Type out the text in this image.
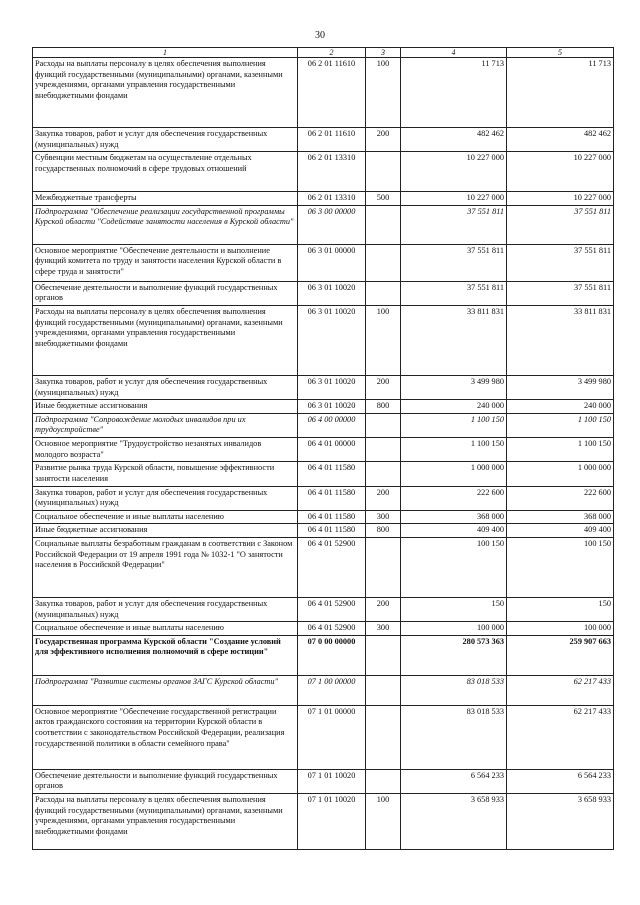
30
1	2	3	4	5
Расходы на выплаты персоналу в целях обеспечения выполнения функций государственными (муниципальными) органами, казенными учреждениями, органами управления государственными внебюджетными фондами	06 2 01 11610	100	11 713	11 713
Закупка товаров, работ и услуг для обеспечения государственных (муниципальных) нужд	06 2 01 11610	200	482 462	482 462
Субвенции местным бюджетам на осуществление отдельных государственных полномочий в сфере трудовых отношений	06 2 01 13310		10 227 000	10 227 000
Межбюджетные трансферты	06 2 01 13310	500	10 227 000	10 227 000
Подпрограмма "Обеспечение реализации государственной программы Курской области "Содействие занятости населения в Курской области"	06 3 00 00000		37 551 811	37 551 811
Основное мероприятие "Обеспечение деятельности и выполнение функций комитета по труду и занятости населения Курской области в сфере труда и занятости"	06 3 01 00000		37 551 811	37 551 811
Обеспечение деятельности и выполнение функций государственных органов	06 3 01 10020		37 551 811	37 551 811
Расходы на выплаты персоналу в целях обеспечения выполнения функций государственными (муниципальными) органами, казенными учреждениями, органами управления государственными внебюджетными фондами	06 3 01 10020	100	33 811 831	33 811 831
Закупка товаров, работ и услуг для обеспечения государственных (муниципальных) нужд	06 3 01 10020	200	3 499 980	3 499 980
Иные бюджетные ассигнования	06 3 01 10020	800	240 000	240 000
Подпрограмма "Сопровождение молодых инвалидов при их трудоустройстве"	06 4 00 00000		1 100 150	1 100 150
Основное мероприятие "Трудоустройство незанятых инвалидов молодого возраста"	06 4 01 00000		1 100 150	1 100 150
Развитие рынка труда Курской области, повышение эффективности занятости населения	06 4 01 11580		1 000 000	1 000 000
Закупка товаров, работ и услуг для обеспечения государственных (муниципальных) нужд	06 4 01 11580	200	222 600	222 600
Социальное обеспечение и иные выплаты населению	06 4 01 11580	300	368 000	368 000
Иные бюджетные ассигнования	06 4 01 11580	800	409 400	409 400
Социальные выплаты безработным гражданам в соответствии с Законом Российской Федерации от 19 апреля 1991 года № 1032-1 "О занятости населения в Российской Федерации"	06 4 01 52900		100 150	100 150
Закупка товаров, работ и услуг для обеспечения государственных (муниципальных) нужд	06 4 01 52900	200	150	150
Социальное обеспечение и иные выплаты населению	06 4 01 52900	300	100 000	100 000
Государственная программа Курской области "Создание условий для эффективного исполнения полномочий в сфере юстиции"	07 0 00 00000		280 573 363	259 907 663
Подпрограмма "Развитие системы органов ЗАГС Курской области"	07 1 00 00000		83 018 533	62 217 433
Основное мероприятие "Обеспечение государственной регистрации актов гражданского состояния на территории Курской области в соответствии с законодательством Российской Федерации, реализация государственной политики в области семейного права"	07 1 01 00000		83 018 533	62 217 433
Обеспечение деятельности и выполнение функций государственных органов	07 1 01 10020		6 564 233	6 564 233
Расходы на выплаты персоналу в целях обеспечения выполнения функций государственными (муниципальными) органами, казенными учреждениями, органами управления государственными внебюджетными фондами	07 1 01 10020	100	3 658 933	3 658 933
